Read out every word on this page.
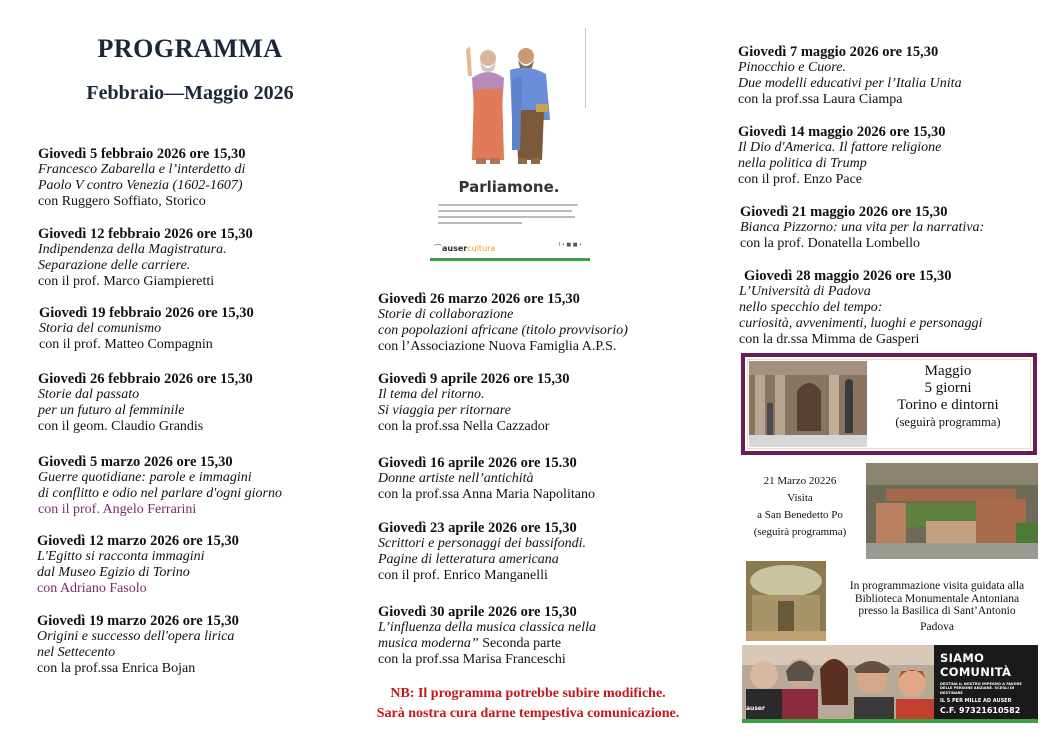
PROGRAMMA
Febbraio—Maggio 2026
Giovedì 5 febbraio 2026 ore 15,30
Francesco Zabarella e l’interdetto di
Paolo V contro Venezia (1602-1607)
con Ruggero Soffiato, Storico
Giovedì 12 febbraio 2026 ore 15,30
Indipendenza della Magistratura.
Separazione delle carriere.
con il prof. Marco Giampieretti
Giovedì 19 febbraio 2026 ore 15,30
Storia del comunismo
con il prof. Matteo Compagnin
Giovedì 26 febbraio 2026 ore 15,30
Storie dal passato
per un futuro al femminile
con il geom. Claudio Grandis
Giovedì 5 marzo 2026 ore 15,30
Guerre quotidiane: parole e immagini
di conflitto e odio nel parlare d'ogni giorno
con il prof. Angelo Ferrarini
Giovedì 12 marzo 2026 ore 15,30
L'Egitto si racconta immagini
dal Museo Egizio di Torino
con Adriano Fasolo
Giovedì 19 marzo 2026 ore 15,30
Origini e successo dell'opera lirica
nel Settecento
con la prof.ssa Enrica Bojan
Parliamone.
⌒ausercultura	f • ■ ■ •
Giovedì 26 marzo 2026 ore 15,30
Storie di collaborazione
con popolazioni africane (titolo provvisorio)
con l’Associazione Nuova Famiglia A.P.S.
Giovedì 9 aprile 2026 ore 15,30
Il tema del ritorno.
Si viaggia per ritornare
con la prof.ssa Nella Cazzador
Giovedì 16 aprile 2026 ore 15.30
Donne artiste nell’antichità
con la prof.ssa Anna Maria Napolitano
Giovedì 23 aprile 2026 ore 15,30
Scrittori e personaggi dei bassifondi.
Pagine di letteratura americana
con il prof. Enrico Manganelli
Giovedì 30 aprile 2026 ore 15,30
L’influenza della musica classica nella
musica moderna” Seconda parte
con la prof.ssa Marisa Franceschi
NB: Il programma potrebbe subire modifiche.
Sarà nostra cura darne tempestiva comunicazione.
Giovedì 7 maggio 2026 ore 15,30
Pinocchio e Cuore.
Due modelli educativi per l’Italia Unita
con la prof.ssa Laura Ciampa
Giovedì 14 maggio 2026 ore 15,30
Il Dio d'America. Il fattore religione
nella politica di Trump
con il prof. Enzo Pace
Giovedì 21 maggio 2026 ore 15,30
Bianca Pizzorno: una vita per la narrativa:
con la prof. Donatella Lombello
Giovedì 28 maggio 2026 ore 15,30
L’Università di Padova
nello specchio del tempo:
curiosità, avvenimenti, luoghi e personaggi
con la dr.ssa Mimma de Gasperi
Maggio
5 giorni
Torino e dintorni
(seguirà programma)
21 Marzo 20226
Visita
a San Benedetto Po
(seguirà programma)
In programmazione visita guidata alla
Biblioteca Monumentale Antoniana
presso la Basilica di Sant’Antonio
Padova
auser
SIAMO COMUNITÀ
DESTINA IL NOSTRO IMPEGNO A FAVORE DELLE PERSONE ANZIANE. SCEGLI DI DESTINARE
IL 5 PER MILLE AD AUSER
C.F. 97321610582
